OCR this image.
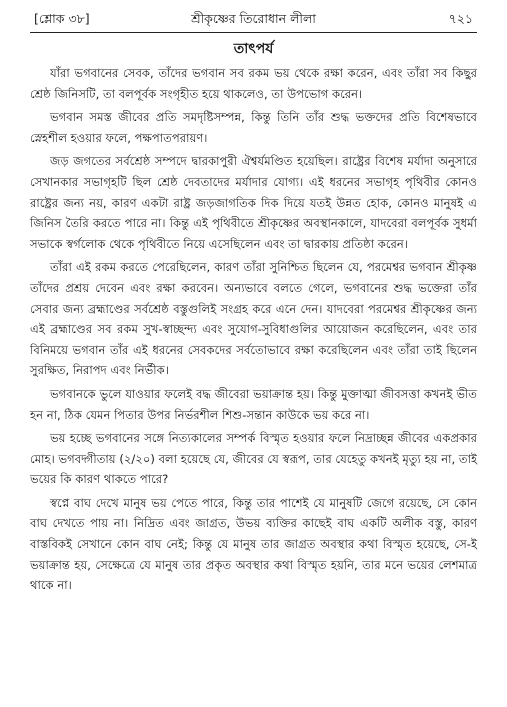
[শ্লোক ৩৮]	শ্রীকৃষ্ণের তিরোধান লীলা	৭২১
তাৎপর্য

যাঁরা ভগবানের সেবক, তাঁদের ভগবান সব রকম ভয় থেকে রক্ষা করেন, এবং তাঁরা সব কিছুর শ্রেষ্ঠ জিনিসটি, তা বলপূর্বক সংগৃহীত হয়ে থাকলেও, তা উপভোগ করেন।

ভগবান সমস্ত জীবের প্রতি সমদৃষ্টিসম্পন্ন, কিন্তু তিনি তাঁর শুদ্ধ ভক্তদের প্রতি বিশেষভাবে স্নেহশীল হওয়ার ফলে, পক্ষপাতপরায়ণ।

জড় জগতের সর্বশ্রেষ্ঠ সম্পদে দ্বারকাপুরী ঐশ্বর্যমণ্ডিত হয়েছিল। রাষ্ট্রের বিশেষ মর্যাদা অনুসারে সেখানকার সভাগৃহটি ছিল শ্রেষ্ঠ দেবতাদের মর্যাদার যোগ্য। এই ধরনের সভাগৃহ পৃথিবীর কোনও রাষ্ট্রের জন্য নয়, কারণ একটা রাষ্ট্র জড়জাগতিক দিক দিয়ে যতই উন্নত হোক, কোনও মানুষই এ জিনিস তৈরি করতে পারে না। কিন্তু এই পৃথিবীতে শ্রীকৃষ্ণের অবস্থানকালে, যাদবেরা বলপূর্বক সুধর্মা সভাকে স্বর্গলোক থেকে পৃথিবীতে নিয়ে এসেছিলেন এবং তা দ্বারকায় প্রতিষ্ঠা করেন।

তাঁরা এই রকম করতে পেরেছিলেন, কারণ তাঁরা সুনিশ্চিত ছিলেন যে, পরমেশ্বর ভগবান শ্রীকৃষ্ণ তাঁদের প্রশ্রয় দেবেন এবং রক্ষা করবেন। অন্যভাবে বলতে গেলে, ভগবানের শুদ্ধ ভক্তেরা তাঁর সেবার জন্য ব্রহ্মাণ্ডের সর্বশ্রেষ্ঠ বস্তুগুলিই সংগ্রহ করে এনে দেন। যাদবেরা পরমেশ্বর শ্রীকৃষ্ণের জন্য এই ব্রহ্মাণ্ডের সব রকম সুখ-স্বাচ্ছন্দ্য এবং সুযোগ-সুবিধাগুলির আয়োজন করেছিলেন, এবং তার বিনিময়ে ভগবান তাঁর এই ধরনের সেবকদের সর্বতোভাবে রক্ষা করেছিলেন এবং তাঁরা তাই ছিলেন সুরক্ষিত, নিরাপদ এবং নির্ভীক।

ভগবানকে ভুলে যাওয়ার ফলেই বদ্ধ জীবেরা ভয়াক্রান্ত হয়। কিন্তু মুক্তাত্মা জীবসত্তা কখনই ভীত হন না, ঠিক যেমন পিতার উপর নির্ভরশীল শিশু-সন্তান কাউকে ভয় করে না।

ভয় হচ্ছে ভগবানের সঙ্গে নিত্যকালের সম্পর্ক বিস্মৃত হওয়ার ফলে নিদ্রাচ্ছন্ন জীবের একপ্রকার মোহ। ভগবদ্গীতায় (২/২০) বলা হয়েছে যে, জীবের যে স্বরূপ, তার যেহেতু কখনই মৃত্যু হয় না, তাই ভয়ের কি কারণ থাকতে পারে?

স্বপ্নে বাঘ দেখে মানুষ ভয় পেতে পারে, কিন্তু তার পাশেই যে মানুষটি জেগে রয়েছে, সে কোন বাঘ দেখতে পায় না। নিদ্রিত এবং জাগ্রত, উভয় ব্যক্তির কাছেই বাঘ একটি অলীক বস্তু, কারণ বাস্তবিকই সেখানে কোন বাঘ নেই; কিন্তু যে মানুষ তার জাগ্রত অবস্থার কথা বিস্মৃত হয়েছে, সে-ই ভয়াক্রান্ত হয়, সেক্ষেত্রে যে মানুষ তার প্রকৃত অবস্থার কথা বিস্মৃত হয়নি, তার মনে ভয়ের লেশমাত্র থাকে না।
